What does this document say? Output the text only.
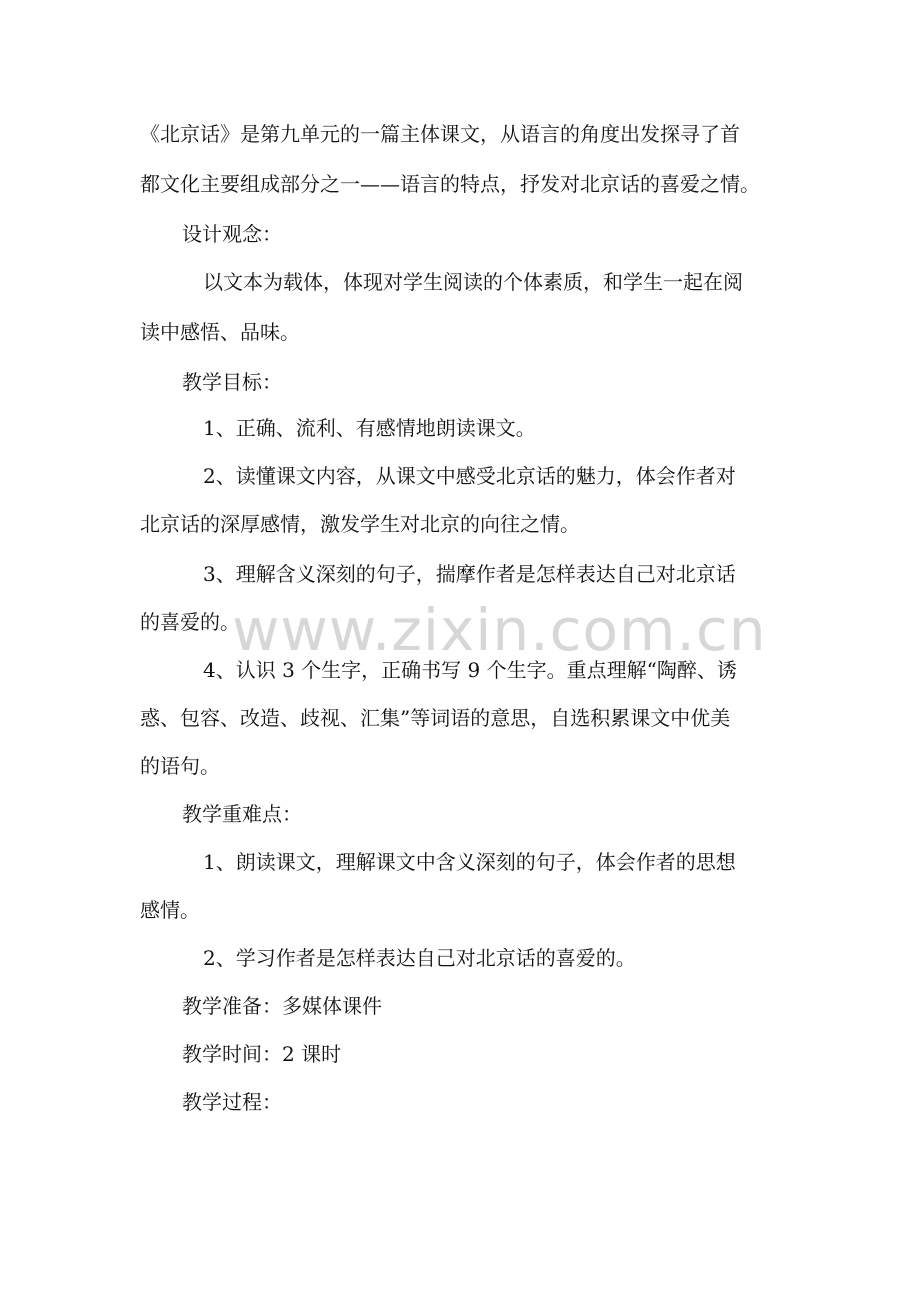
《北京话》是第九单元的一篇主体课文，从语言的角度出发探寻了首
都文化主要组成部分之一——语言的特点，抒发对北京话的喜爱之情。
设计观念：
以文本为载体，体现对学生阅读的个体素质，和学生一起在阅
读中感悟、品味。
教学目标：
1、正确、流利、有感情地朗读课文。
2、读懂课文内容，从课文中感受北京话的魅力，体会作者对
北京话的深厚感情，激发学生对北京的向往之情。
3、理解含义深刻的句子，揣摩作者是怎样表达自己对北京话
的喜爱的。
4、认识 3 个生字，正确书写 9 个生字。重点理解“陶醉、诱
惑、包容、改造、歧视、汇集”等词语的意思，自选积累课文中优美
的语句。
教学重难点：
1、朗读课文，理解课文中含义深刻的句子，体会作者的思想
感情。
2、学习作者是怎样表达自己对北京话的喜爱的。
教学准备：多媒体课件
教学时间：2 课时
教学过程：
www.zixin.com.cn
